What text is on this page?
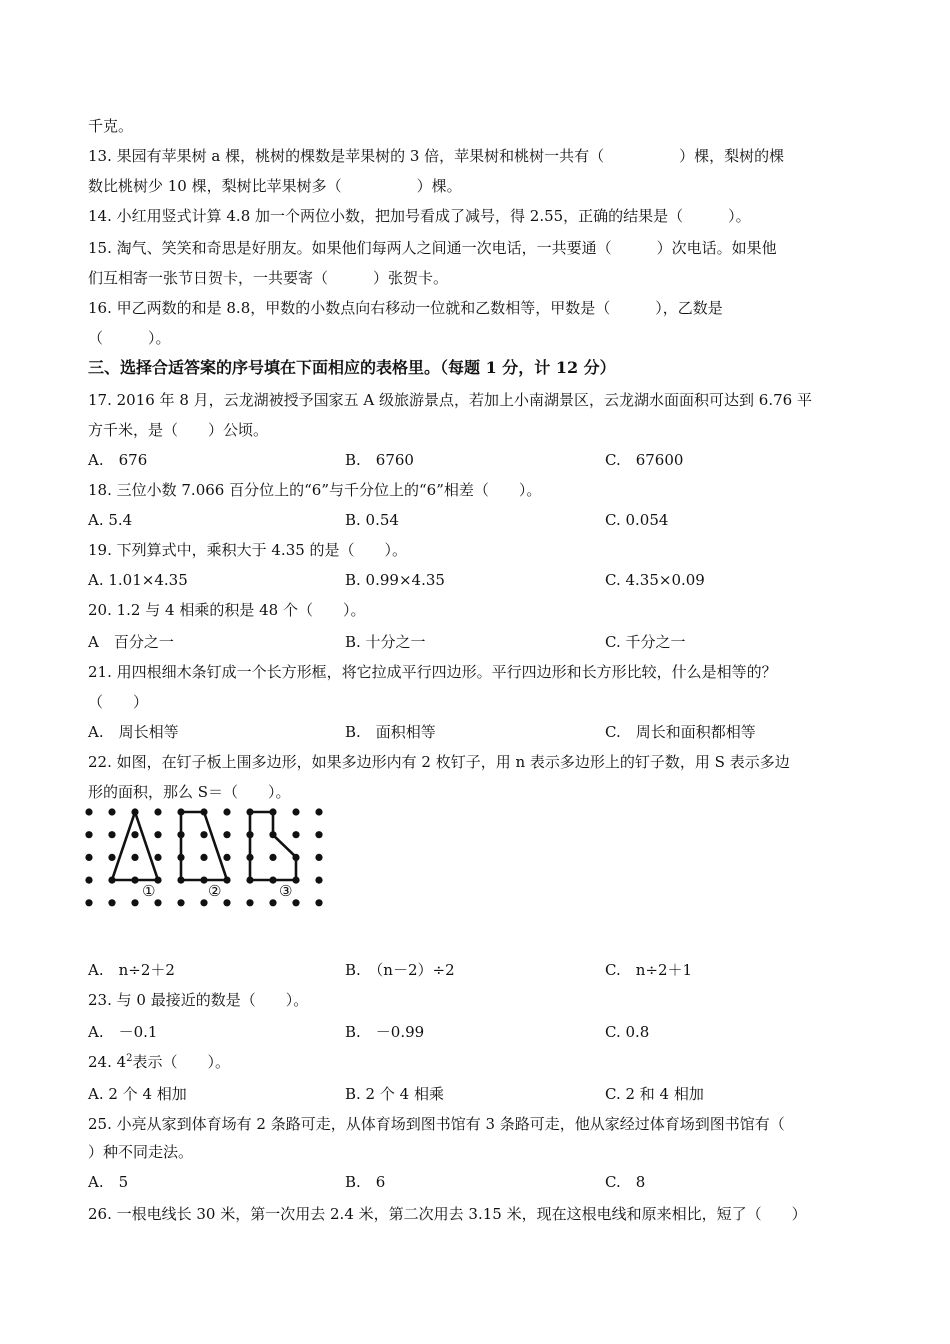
千克。
13. 果园有苹果树 a 棵，桃树的棵数是苹果树的 3 倍，苹果树和桃树一共有（　　　　　）棵，梨树的棵
数比桃树少 10 棵，梨树比苹果树多（　　　　　）棵。
14. 小红用竖式计算 4.8 加一个两位小数，把加号看成了减号，得 2.55，正确的结果是（　　　）。
15. 淘气、笑笑和奇思是好朋友。如果他们每两人之间通一次电话，一共要通（　　　）次电话。如果他
们互相寄一张节日贺卡，一共要寄（　　　）张贺卡。
16. 甲乙两数的和是 8.8，甲数的小数点向右移动一位就和乙数相等，甲数是（　　　），乙数是
（　　　）。
三、选择合适答案的序号填在下面相应的表格里。（每题 1 分，计 12 分）
17. 2016 年 8 月，云龙湖被授予国家五 A 级旅游景点，若加上小南湖景区，云龙湖水面面积可达到 6.76 平
方千米，是（　　）公顷。
A.　676	B.　6760	C.　67600
18. 三位小数 7.066 百分位上的“6”与千分位上的“6”相差（　　）。
A. 5.4	B. 0.54	C. 0.054
19. 下列算式中，乘积大于 4.35 的是（　　）。
A. 1.01×4.35	B. 0.99×4.35	C. 4.35×0.09
20. 1.2 与 4 相乘的积是 48 个（　　）。
A　百分之一	B. 十分之一	C. 千分之一
21. 用四根细木条钉成一个长方形框，将它拉成平行四边形。平行四边形和长方形比较，什么是相等的？
（　　）
A.　周长相等	B.　面积相等	C.　周长和面积都相等
22. 如图，在钉子板上围多边形，如果多边形内有 2 枚钉子，用 n 表示多边形上的钉子数，用 S 表示多边
形的面积，那么 S＝（　　）。
①	②	③
A.　n÷2＋2	B.　（n－2）÷2	C.　n÷2＋1
23. 与 0 最接近的数是（　　）。
A.　－0.1	B.　－0.99	C. 0.8
24. $4^2$表示（　　）。
A. 2 个 4 相加	B. 2 个 4 相乘	C. 2 和 4 相加
25. 小亮从家到体育场有 2 条路可走，从体育场到图书馆有 3 条路可走，他从家经过体育场到图书馆有（
）种不同走法。
A.　5	B.　6	C.　8
26. 一根电线长 30 米，第一次用去 2.4 米，第二次用去 3.15 米，现在这根电线和原来相比，短了（　　）
